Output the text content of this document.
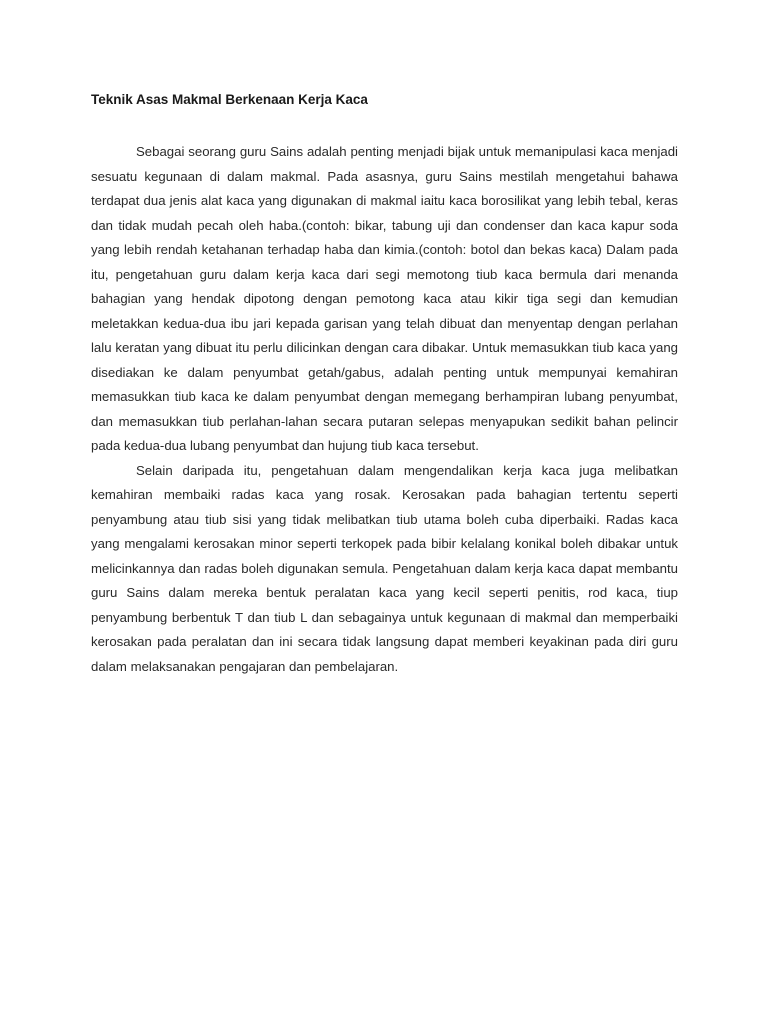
Teknik Asas Makmal Berkenaan Kerja Kaca

Sebagai seorang guru Sains adalah penting menjadi bijak untuk memanipulasi kaca menjadi sesuatu kegunaan di dalam makmal. Pada asasnya, guru Sains mestilah mengetahui bahawa terdapat dua jenis alat kaca yang digunakan di makmal iaitu kaca borosilikat yang lebih tebal, keras dan tidak mudah pecah oleh haba.(contoh: bikar, tabung uji dan condenser dan kaca kapur soda yang lebih rendah ketahanan terhadap haba dan kimia.(contoh: botol dan bekas kaca) Dalam pada itu, pengetahuan guru dalam kerja kaca dari segi memotong tiub kaca bermula dari menanda bahagian yang hendak dipotong dengan pemotong kaca atau kikir tiga segi dan kemudian meletakkan kedua-dua ibu jari kepada garisan yang telah dibuat dan menyentap dengan perlahan lalu keratan yang dibuat itu perlu dilicinkan dengan cara dibakar. Untuk memasukkan tiub kaca yang disediakan ke dalam penyumbat getah/gabus, adalah penting untuk mempunyai kemahiran memasukkan tiub kaca ke dalam penyumbat dengan memegang berhampiran lubang penyumbat, dan memasukkan tiub perlahan-lahan secara putaran selepas menyapukan sedikit bahan pelincir pada kedua-dua lubang penyumbat dan hujung tiub kaca tersebut.

Selain daripada itu, pengetahuan dalam mengendalikan kerja kaca juga melibatkan kemahiran membaiki radas kaca yang rosak. Kerosakan pada bahagian tertentu seperti penyambung atau tiub sisi yang tidak melibatkan tiub utama boleh cuba diperbaiki. Radas kaca yang mengalami kerosakan minor seperti terkopek pada bibir kelalang konikal boleh dibakar untuk melicinkannya dan radas boleh digunakan semula. Pengetahuan dalam kerja kaca dapat membantu guru Sains dalam mereka bentuk peralatan kaca yang kecil seperti penitis, rod kaca, tiup penyambung berbentuk T dan tiub L dan sebagainya untuk kegunaan di makmal dan memperbaiki kerosakan pada peralatan dan ini secara tidak langsung dapat memberi keyakinan pada diri guru dalam melaksanakan pengajaran dan pembelajaran.
